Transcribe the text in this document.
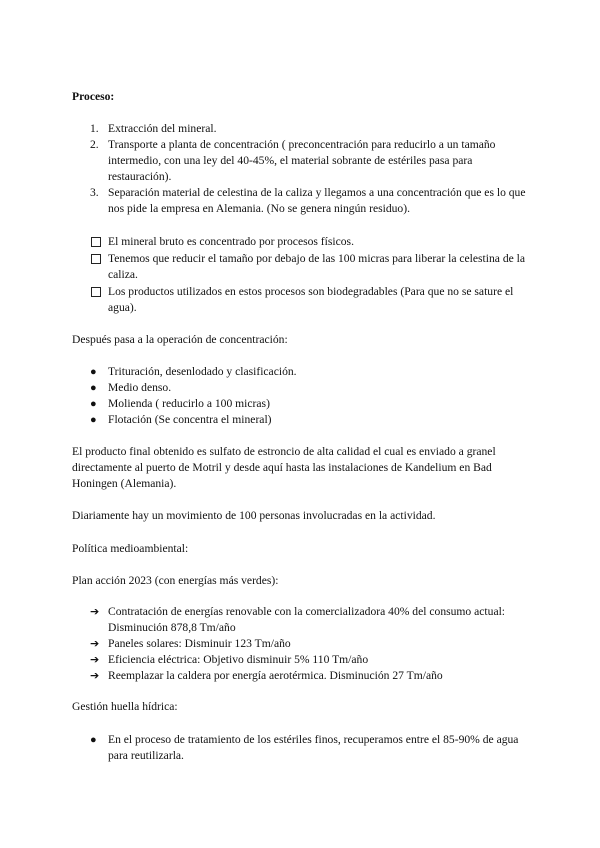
Proceso:
1. Extracción del mineral.
2. Transporte a planta de concentración ( preconcentración para reducirlo a un tamaño intermedio, con una ley del 40-45%, el material sobrante de estériles pasa para restauración).
3. Separación material de celestina de la caliza y llegamos a una concentración que es lo que nos pide la empresa en Alemania. (No se genera ningún residuo).
El mineral bruto es concentrado por procesos físicos.
Tenemos que reducir el tamaño por debajo de las 100 micras para liberar la celestina de la caliza.
Los productos utilizados en estos procesos son biodegradables (Para que no se sature el agua).
Después pasa a la operación de concentración:
● Trituración, desenlodado y clasificación.
● Medio denso.
● Molienda ( reducirlo a 100 micras)
● Flotación (Se concentra el mineral)
El producto final obtenido es sulfato de estroncio de alta calidad el cual es enviado a granel directamente al puerto de Motril y desde aquí hasta las instalaciones de Kandelium en Bad Honingen (Alemania).
Diariamente hay un movimiento de 100 personas involucradas en la actividad.
Política medioambiental:
Plan acción 2023 (con energías más verdes):
➔ Contratación de energías renovable con la comercializadora 40% del consumo actual: Disminución 878,8 Tm/año
➔ Paneles solares: Disminuir 123 Tm/año
➔ Eficiencia eléctrica: Objetivo disminuir 5% 110 Tm/año
➔ Reemplazar la caldera por energía aerotérmica. Disminución 27 Tm/año
Gestión huella hídrica:
● En el proceso de tratamiento de los estériles finos, recuperamos entre el 85-90% de agua para reutilizarla.
